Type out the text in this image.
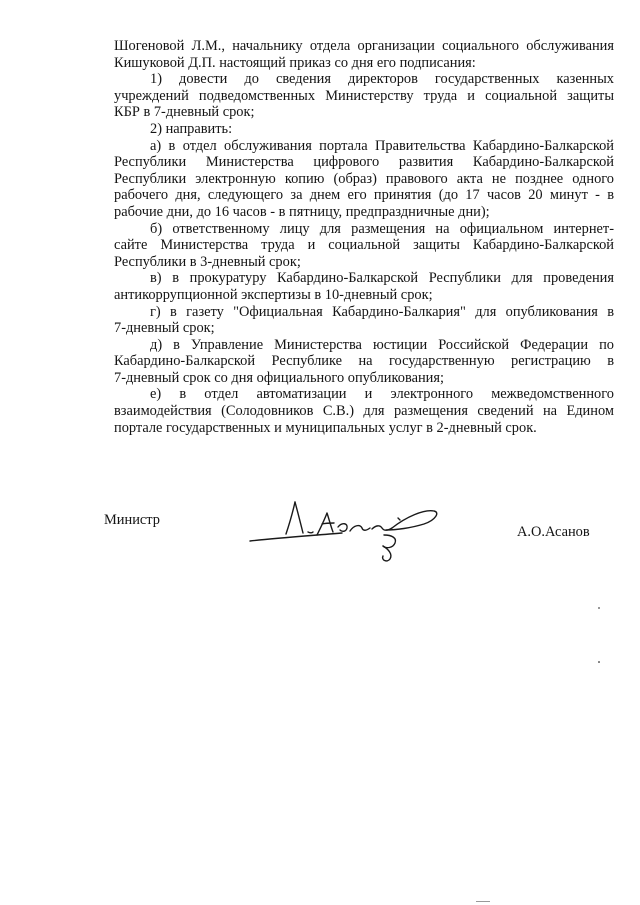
Шогеновой Л.М., начальнику отдела организации социального обслуживания
Кишуковой Д.П. настоящий приказ со дня его подписания:
1) довести до сведения директоров государственных казенных
учреждений подведомственных Министерству труда и социальной защиты
КБР в 7-дневный срок;
2) направить:
а) в отдел обслуживания портала Правительства Кабардино-Балкарской
Республики Министерства цифрового развития Кабардино-Балкарской
Республики электронную копию (образ) правового акта не позднее одного
рабочего дня, следующего за днем его принятия (до 17 часов 20 минут - в
рабочие дни, до 16 часов - в пятницу, предпраздничные дни);
б) ответственному лицу для размещения на официальном интернет-
сайте Министерства труда и социальной защиты Кабардино-Балкарской
Республики в 3-дневный срок;
в) в прокуратуру Кабардино-Балкарской Республики для проведения
антикоррупционной экспертизы в 10-дневный срок;
г) в газету "Официальная Кабардино-Балкария" для опубликования в
7-дневный срок;
д) в Управление Министерства юстиции Российской Федерации по
Кабардино-Балкарской Республике на государственную регистрацию в
7-дневный срок со дня официального опубликования;
е) в отдел автоматизации и электронного межведомственного
взаимодействия (Солодовников С.В.) для размещения сведений на Едином
портале государственных и муниципальных услуг в 2-дневный срок.
Министр
А.О.Асанов
